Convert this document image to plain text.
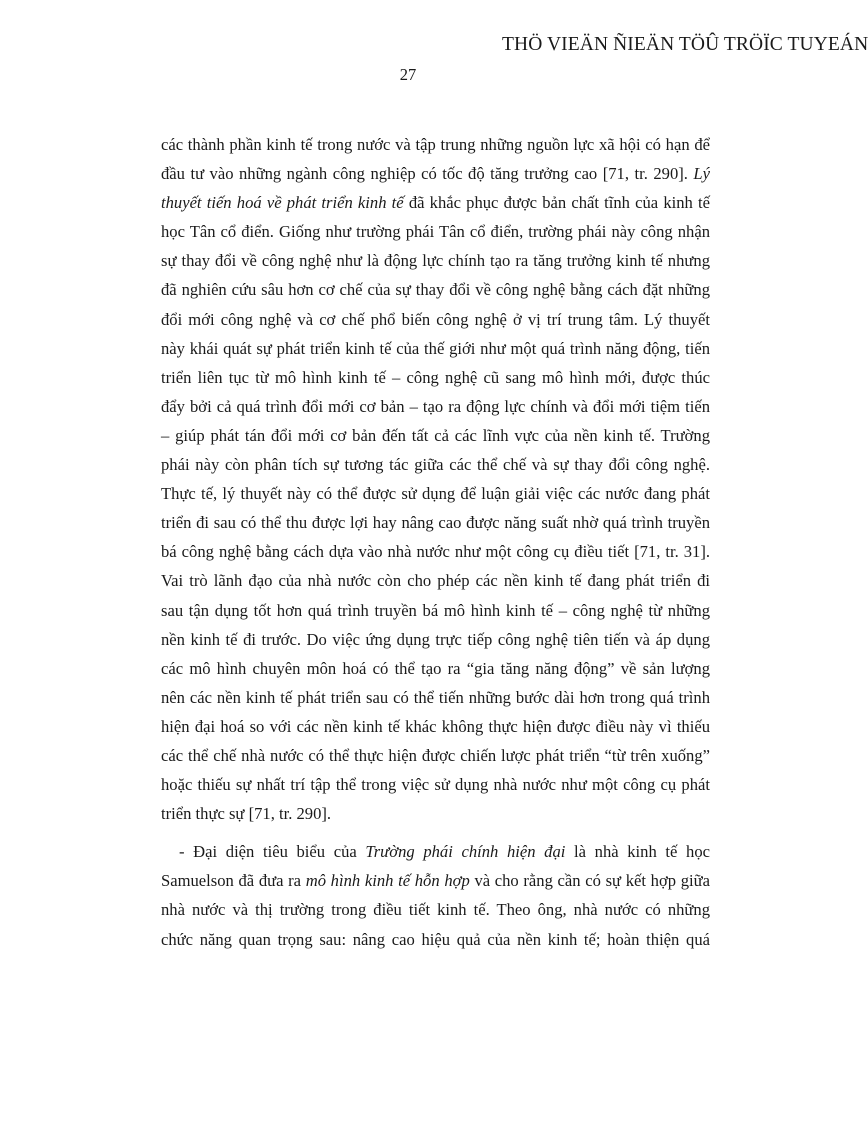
THÖ VIEÄN ÑIEÄN TÖÛ TRÖÏC TUYEÁN
27
các thành phần kinh tế trong nước và tập trung những nguồn lực xã hội có hạn để
đầu tư vào những ngành công nghiệp có tốc độ tăng trưởng cao [71, tr. 290]. Lý
thuyết tiến hoá về phát triển kinh tế đã khắc phục được bản chất tĩnh của kinh tế
học Tân cổ điển. Giống như trường phái Tân cổ điển, trường phái này công nhận
sự thay đổi về công nghệ như là động lực chính tạo ra tăng trưởng kinh tế nhưng
đã nghiên cứu sâu hơn cơ chế của sự thay đổi về công nghệ bằng cách đặt những
đổi mới công nghệ và cơ chế phổ biến công nghệ ở vị trí trung tâm. Lý thuyết
này khái quát sự phát triển kinh tế của thế giới như một quá trình năng động, tiến
triển liên tục từ mô hình kinh tế – công nghệ cũ sang mô hình mới, được thúc
đẩy bởi cả quá trình đổi mới cơ bản – tạo ra động lực chính và đổi mới tiệm tiến
– giúp phát tán đổi mới cơ bản đến tất cả các lĩnh vực của nền kinh tế. Trường
phái này còn phân tích sự tương tác giữa các thể chế và sự thay đổi công nghệ.
Thực tế, lý thuyết này có thể được sử dụng để luận giải việc các nước đang phát
triển đi sau có thể thu được lợi hay nâng cao được năng suất nhờ quá trình truyền
bá công nghệ bằng cách dựa vào nhà nước như một công cụ điều tiết [71, tr. 31].
Vai trò lãnh đạo của nhà nước còn cho phép các nền kinh tế đang phát triển đi
sau tận dụng tốt hơn quá trình truyền bá mô hình kinh tế – công nghệ từ những
nền kinh tế đi trước. Do việc ứng dụng trực tiếp công nghệ tiên tiến và áp dụng
các mô hình chuyên môn hoá có thể tạo ra “gia tăng năng động” về sản lượng
nên các nền kinh tế phát triển sau có thể tiến những bước dài hơn trong quá trình
hiện đại hoá so với các nền kinh tế khác không thực hiện được điều này vì thiếu
các thể chế nhà nước có thể thực hiện được chiến lược phát triển “từ trên xuống”
hoặc thiếu sự nhất trí tập thể trong việc sử dụng nhà nước như một công cụ phát
triển thực sự [71, tr. 290].
- Đại diện tiêu biểu của Trường phái chính hiện đại là nhà kinh tế học
Samuelson đã đưa ra mô hình kinh tế hỗn hợp và cho rằng cần có sự kết hợp giữa
nhà nước và thị trường trong điều tiết kinh tế. Theo ông, nhà nước có những
chức năng quan trọng sau: nâng cao hiệu quả của nền kinh tế; hoàn thiện quá
